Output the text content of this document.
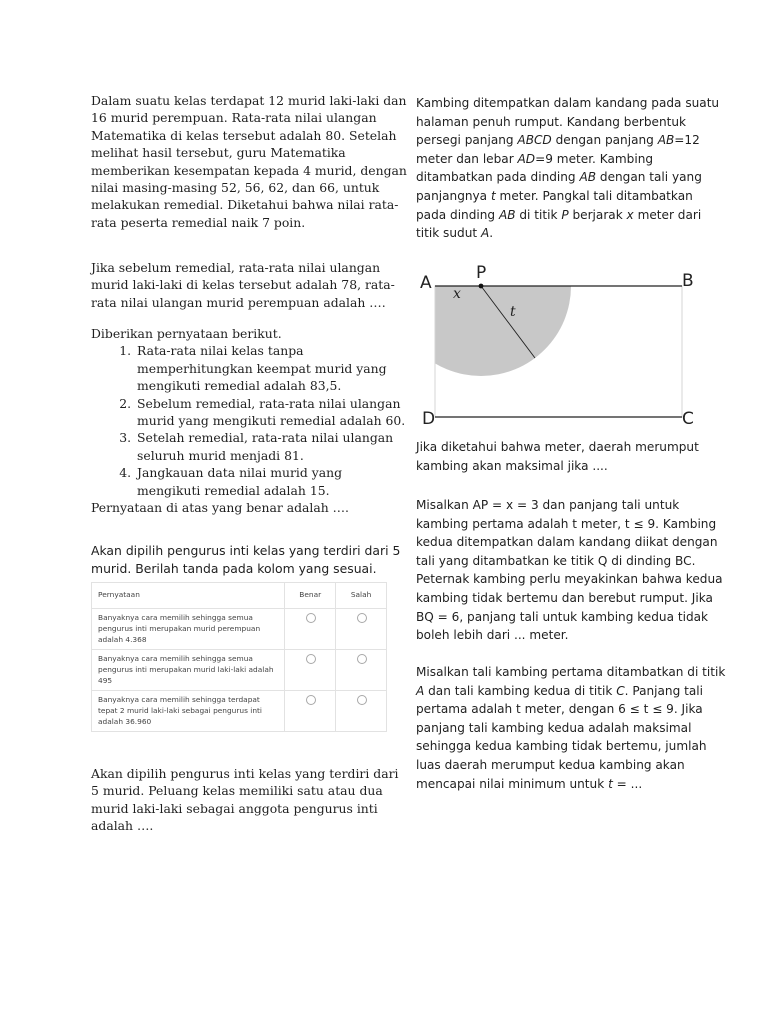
Dalam suatu kelas terdapat 12 murid laki-laki dan 16 murid perempuan. Rata-rata nilai ulangan Matematika di kelas tersebut adalah 80. Setelah melihat hasil tersebut, guru Matematika memberikan kesempatan kepada 4 murid, dengan nilai masing-masing 52, 56, 62, dan 66, untuk melakukan remedial. Diketahui bahwa nilai rata-rata peserta remedial naik 7 poin.
Jika sebelum remedial, rata-rata nilai ulangan murid laki-laki di kelas tersebut adalah 78, rata-rata nilai ulangan murid perempuan adalah ….
Diberikan pernyataan berikut.
1. Rata-rata nilai kelas tanpa memperhitungkan keempat murid yang mengikuti remedial adalah 83,5.
2. Sebelum remedial, rata-rata nilai ulangan murid yang mengikuti remedial adalah 60.
3. Setelah remedial, rata-rata nilai ulangan seluruh murid menjadi 81.
4. Jangkauan data nilai murid yang mengikuti remedial adalah 15.
Pernyataan di atas yang benar adalah ….
Akan dipilih pengurus inti kelas yang terdiri dari 5 murid. Berilah tanda pada kolom yang sesuai.
Pernyataan	Benar	Salah
Banyaknya cara memilih sehingga semua pengurus inti merupakan murid perempuan adalah 4.368		
Banyaknya cara memilih sehingga semua pengurus inti merupakan murid laki-laki adalah 495		
Banyaknya cara memilih sehingga terdapat tepat 2 murid laki-laki sebagai pengurus inti adalah 36.960		
Akan dipilih pengurus inti kelas yang terdiri dari 5 murid. Peluang kelas memiliki satu atau dua murid laki-laki sebagai anggota pengurus inti adalah ….
Kambing ditempatkan dalam kandang pada suatu halaman penuh rumput. Kandang berbentuk persegi panjang ABCD dengan panjang AB=12 meter dan lebar AD=9 meter. Kambing ditambatkan pada dinding AB dengan tali yang panjangnya t meter. Pangkal tali ditambatkan pada dinding AB di titik P berjarak x meter dari titik sudut A.
A	P	B
D	C
x
t
Jika diketahui bahwa meter, daerah merumput kambing akan maksimal jika ....
Misalkan AP = x = 3 dan panjang tali untuk kambing pertama adalah t meter, t ≤ 9. Kambing kedua ditempatkan dalam kandang diikat dengan tali yang ditambatkan ke titik Q di dinding BC. Peternak kambing perlu meyakinkan bahwa kedua kambing tidak bertemu dan berebut rumput. Jika BQ = 6, panjang tali untuk kambing kedua tidak boleh lebih dari ... meter.
Misalkan tali kambing pertama ditambatkan di titik A dan tali kambing kedua di titik C. Panjang tali pertama adalah t meter, dengan 6 ≤ t ≤ 9. Jika panjang tali kambing kedua adalah maksimal sehingga kedua kambing tidak bertemu, jumlah luas daerah merumput kedua kambing akan mencapai nilai minimum untuk t = ...
